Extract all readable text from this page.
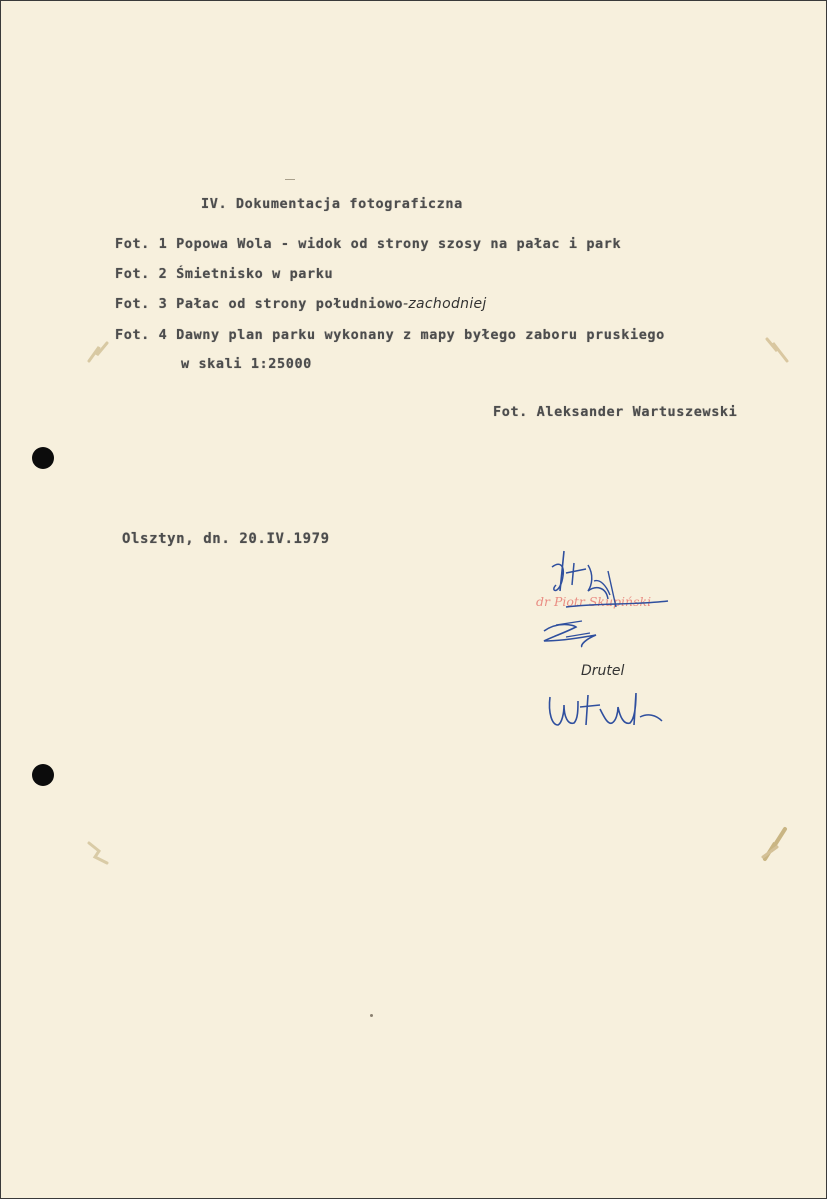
IV. Dokumentacja fotograficzna
Fot. 1 Popowa Wola - widok od strony szosy na pałac i park
Fot. 2 Śmietnisko w parku
Fot. 3 Pałac od strony południowo-zachodniej
Fot. 4 Dawny plan parku wykonany z mapy byłego zaboru pruskiego
w skali 1:25000
Fot. Aleksander Wartuszewski
Olsztyn, dn. 20.IV.1979
dr Piotr Skupiński
Drutel
